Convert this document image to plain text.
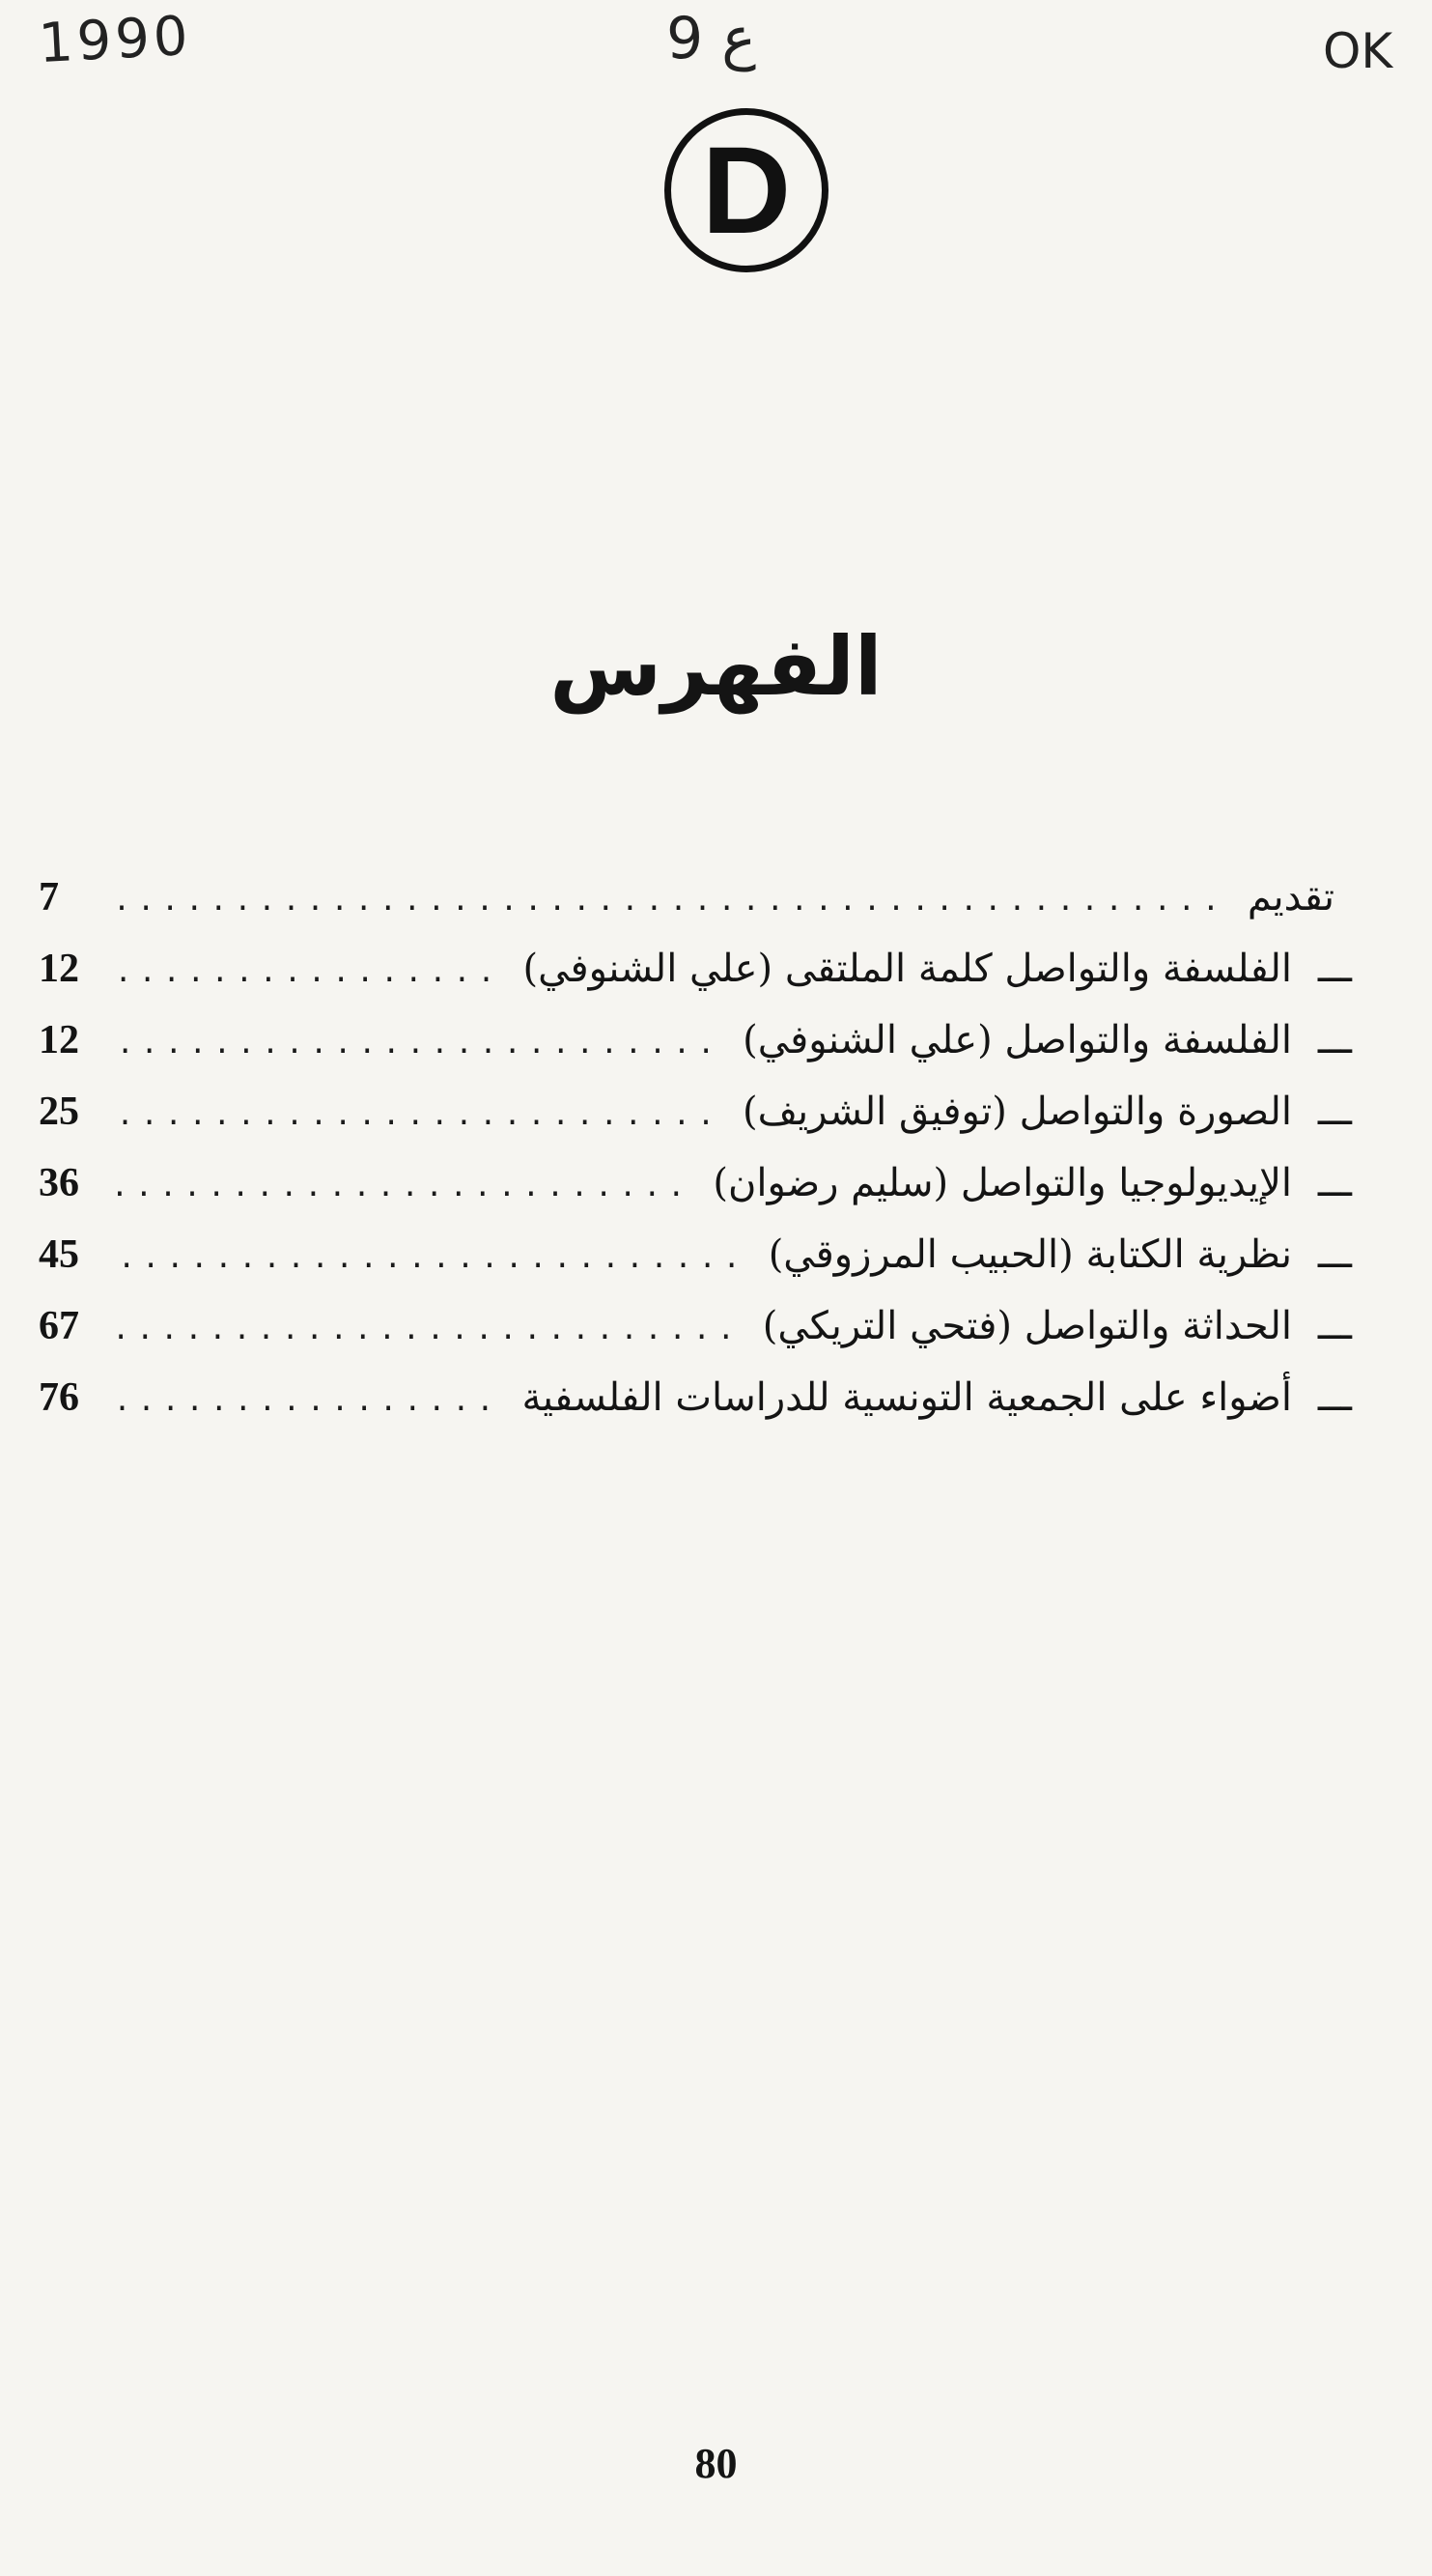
1990	ع 9	OK
D
الفهرس
تقديم
.....
7
ـــ
الفلسفة والتواصل كلمة الملتقى (علي الشنوفي)
.....
12
ـــ
الفلسفة والتواصل (علي الشنوفي)
.....
12
ـــ
الصورة والتواصل (توفيق الشريف)
.....
25
ـــ
الإيديولوجيا والتواصل (سليم رضوان)
.....
36
ـــ
نظرية الكتابة (الحبيب المرزوقي)
.....
45
ـــ
الحداثة والتواصل (فتحي التريكي)
.....
67
ـــ
أضواء على الجمعية التونسية للدراسات الفلسفية
.....
76
80
